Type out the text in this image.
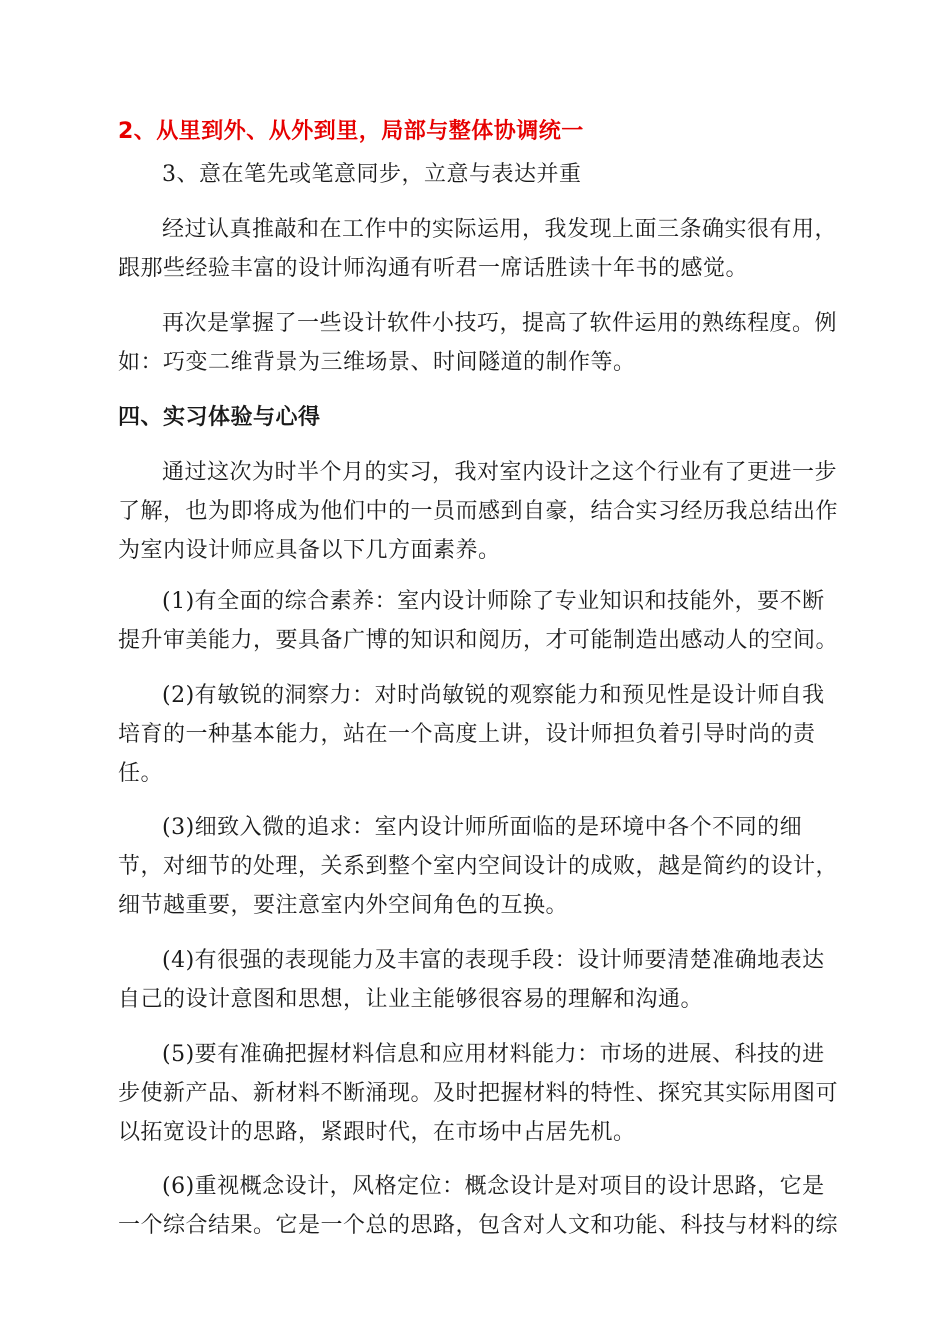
2、从里到外、从外到里，局部与整体协调统一
3、意在笔先或笔意同步，立意与表达并重
经过认真推敲和在工作中的实际运用，我发现上面三条确实很有用，
跟那些经验丰富的设计师沟通有听君一席话胜读十年书的感觉。
再次是掌握了一些设计软件小技巧，提高了软件运用的熟练程度。例
如：巧变二维背景为三维场景、时间隧道的制作等。
四、实习体验与心得
通过这次为时半个月的实习，我对室内设计之这个行业有了更进一步
了解，也为即将成为他们中的一员而感到自豪，结合实习经历我总结出作
为室内设计师应具备以下几方面素养。
(1)有全面的综合素养：室内设计师除了专业知识和技能外，要不断
提升审美能力，要具备广博的知识和阅历，才可能制造出感动人的空间。
(2)有敏锐的洞察力：对时尚敏锐的观察能力和预见性是设计师自我
培育的一种基本能力，站在一个高度上讲，设计师担负着引导时尚的责
任。
(3)细致入微的追求：室内设计师所面临的是环境中各个不同的细
节，对细节的处理，关系到整个室内空间设计的成败，越是简约的设计，
细节越重要，要注意室内外空间角色的互换。
(4)有很强的表现能力及丰富的表现手段：设计师要清楚准确地表达
自己的设计意图和思想，让业主能够很容易的理解和沟通。
(5)要有准确把握材料信息和应用材料能力：市场的进展、科技的进
步使新产品、新材料不断涌现。及时把握材料的特性、探究其实际用图可
以拓宽设计的思路，紧跟时代，在市场中占居先机。
(6)重视概念设计，风格定位：概念设计是对项目的设计思路，它是
一个综合结果。它是一个总的思路，包含对人文和功能、科技与材料的综
